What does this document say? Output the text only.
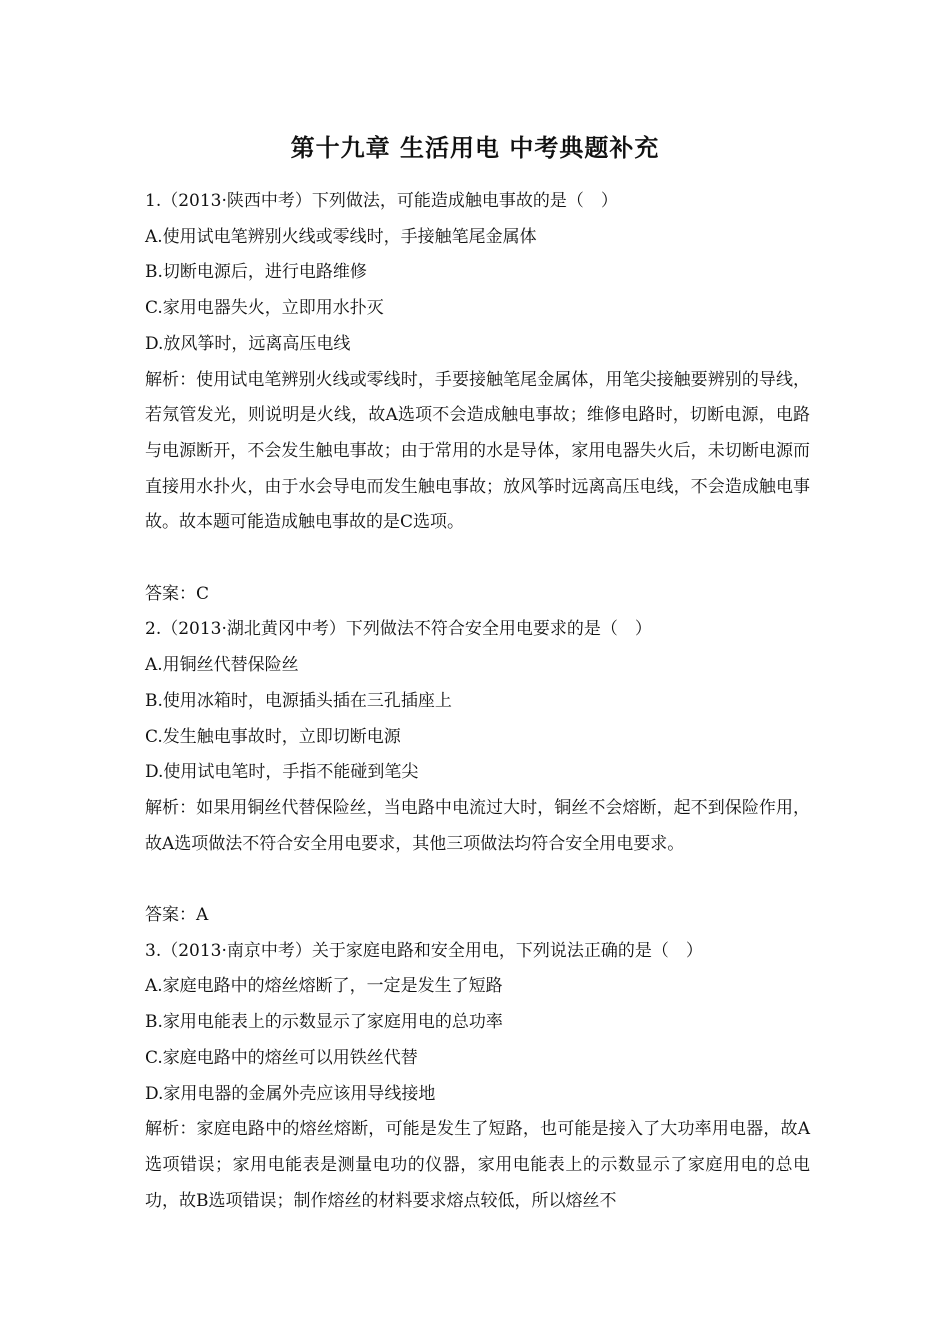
第十九章 生活用电 中考典题补充

1.（2013·陕西中考）下列做法，可能造成触电事故的是（　）

A.使用试电笔辨别火线或零线时，手接触笔尾金属体

B.切断电源后，进行电路维修

C.家用电器失火，立即用水扑灭

D.放风筝时，远离高压电线

解析：使用试电笔辨别火线或零线时，手要接触笔尾金属体，用笔尖接触要辨别的导线，若氖管发光，则说明是火线，故A选项不会造成触电事故；维修电路时，切断电源，电路与电源断开，不会发生触电事故；由于常用的水是导体，家用电器失火后，未切断电源而直接用水扑火，由于水会导电而发生触电事故；放风筝时远离高压电线，不会造成触电事故。故本题可能造成触电事故的是C选项。

答案：C

2.（2013·湖北黄冈中考）下列做法不符合安全用电要求的是（　）

A.用铜丝代替保险丝

B.使用冰箱时，电源插头插在三孔插座上

C.发生触电事故时，立即切断电源

D.使用试电笔时，手指不能碰到笔尖

解析：如果用铜丝代替保险丝，当电路中电流过大时，铜丝不会熔断，起不到保险作用，故A选项做法不符合安全用电要求，其他三项做法均符合安全用电要求。

答案：A

3.（2013·南京中考）关于家庭电路和安全用电，下列说法正确的是（　）

A.家庭电路中的熔丝熔断了，一定是发生了短路

B.家用电能表上的示数显示了家庭用电的总功率

C.家庭电路中的熔丝可以用铁丝代替

D.家用电器的金属外壳应该用导线接地

解析：家庭电路中的熔丝熔断，可能是发生了短路，也可能是接入了大功率用电器，故A选项错误；家用电能表是测量电功的仪器，家用电能表上的示数显示了家庭用电的总电功，故B选项错误；制作熔丝的材料要求熔点较低，所以熔丝不
